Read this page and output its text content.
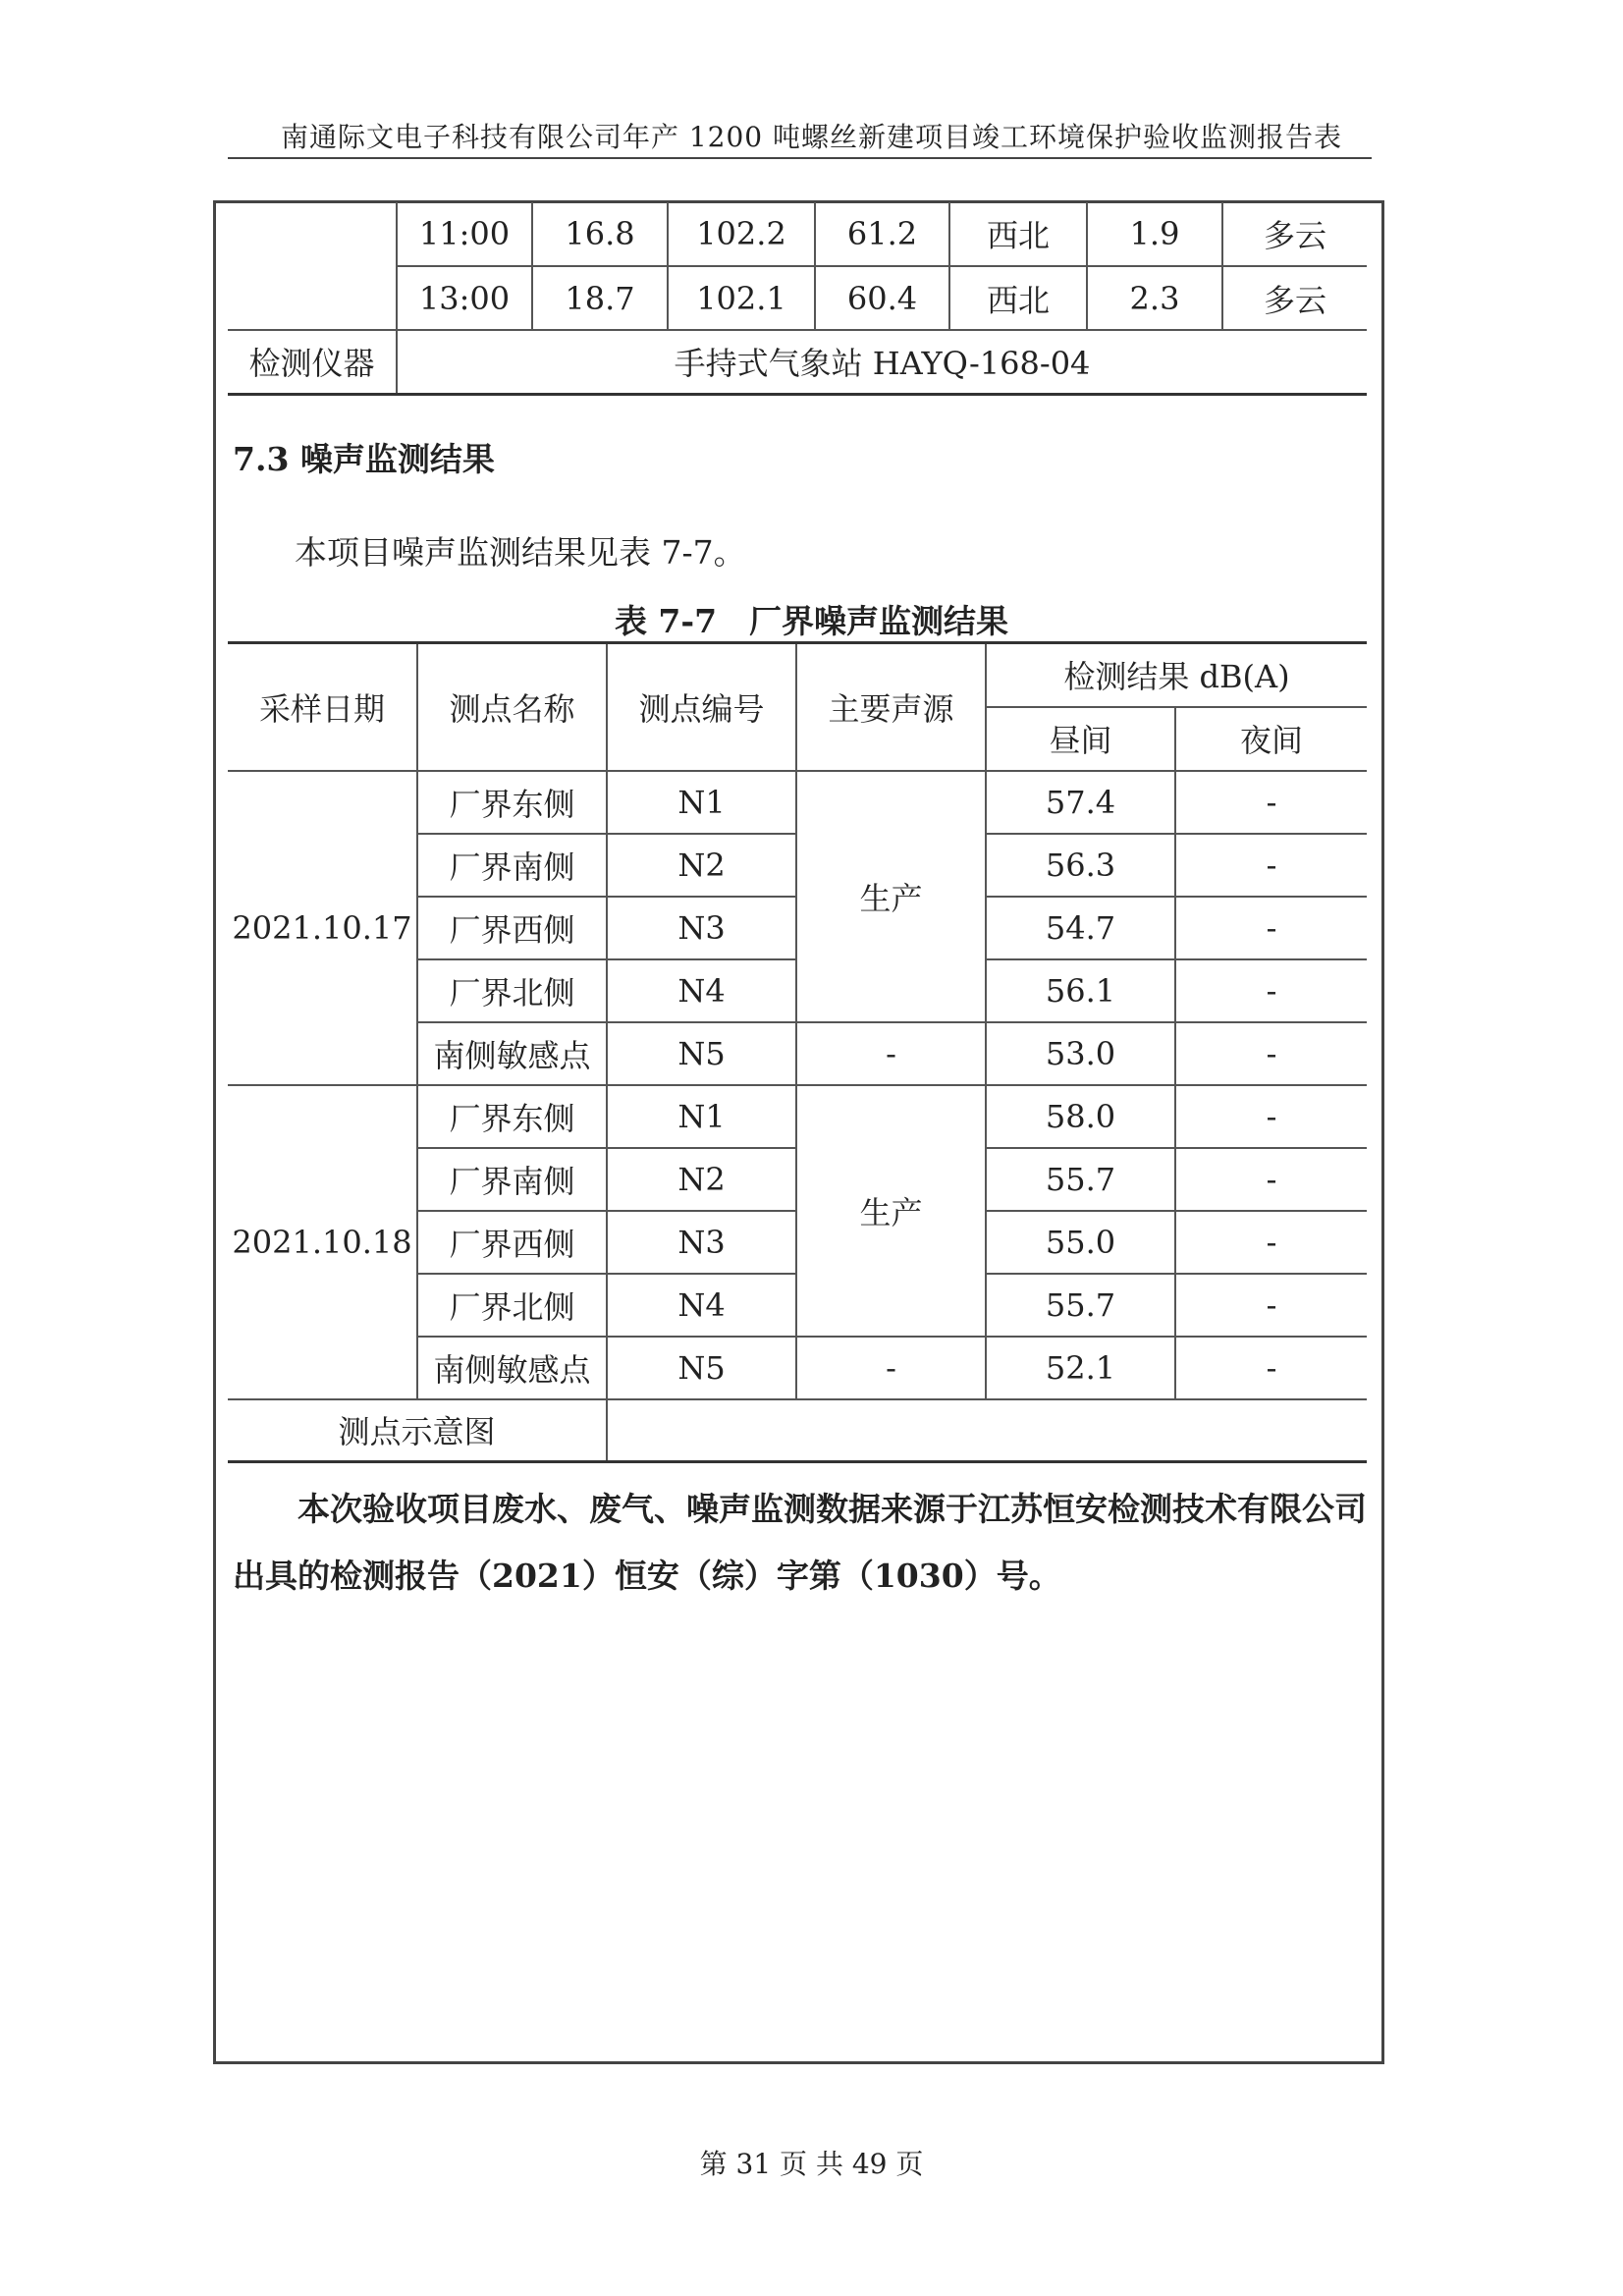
南通际文电子科技有限公司年产 1200 吨螺丝新建项目竣工环境保护验收监测报告表
	11:00	16.8	102.2	61.2	西北	1.9	多云
	13:00	18.7	102.1	60.4	西北	2.3	多云
检测仪器	手持式气象站 HAYQ-168-04						
7.3 噪声监测结果
本项目噪声监测结果见表 7-7。
表 7-7　厂界噪声监测结果
采样日期	测点名称	测点编号	主要声源	检测结果 dB(A)	
				昼间	夜间
2021.10.17	厂界东侧	N1	生产	57.4	-
	厂界南侧	N2		56.3	-
	厂界西侧	N3		54.7	-
	厂界北侧	N4		56.1	-
	南侧敏感点	N5	-	53.0	-
2021.10.18	厂界东侧	N1	生产	58.0	-
	厂界南侧	N2		55.7	-
	厂界西侧	N3		55.0	-
	厂界北侧	N4		55.7	-
	南侧敏感点	N5	-	52.1	-
测点示意图					
本次验收项目废水、废气、噪声监测数据来源于江苏恒安检测技术有限公司
出具的检测报告（2021）恒安（综）字第（1030）号。
第 31 页 共 49 页
